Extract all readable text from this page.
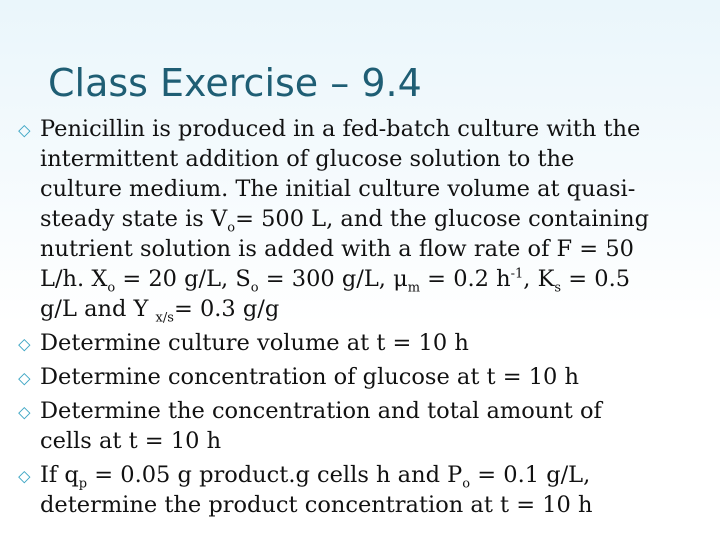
Class Exercise – 9.4
⬦ Penicillin is produced in a fed-batch culture with the
intermittent addition of glucose solution to the
culture medium. The initial culture volume at quasi-
steady state is $V_o= 500$ L, and the glucose containing
nutrient solution is added with a flow rate of F = 50
L/h. $X_o = 20$ g/L, $S_o = 300$ g/L, $\mu_m = 0.2$ $h^{-1}$, $K_s = 0.5$
g/L and Y $_{x/s}$= 0.3 g/g
⬦ Determine culture volume at t = 10 h
⬦ Determine concentration of glucose at t = 10 h
⬦ Determine the concentration and total amount of
cells at t = 10 h
⬦ If $q_p = 0.05$ g product.g cells h and $P_o = 0.1$ g/L,
determine the product concentration at t = 10 h
